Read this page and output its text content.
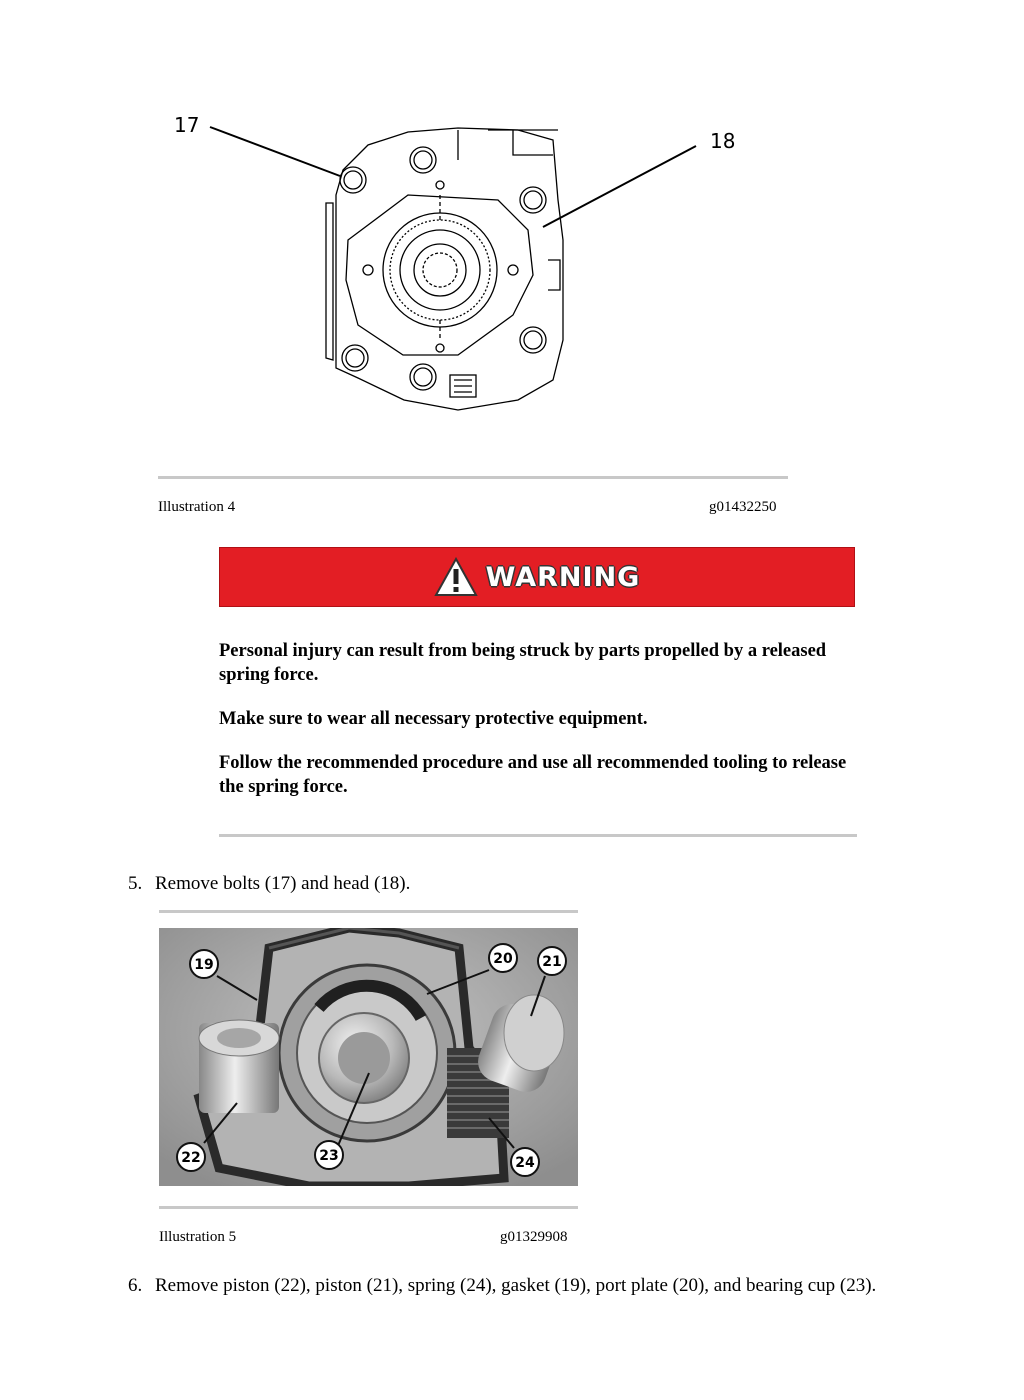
17
18
Illustration 4	g01432250
WARNING
Personal injury can result from being struck by parts propelled by a released spring force.
Make sure to wear all necessary protective equipment.
Follow the recommended procedure and use all recommended tooling to release the spring force.
5. Remove bolts (17) and head (18).
19	20 21
22	23	24
Illustration 5	g01329908
6. Remove piston (22), piston (21), spring (24), gasket (19), port plate (20), and bearing cup (23).
